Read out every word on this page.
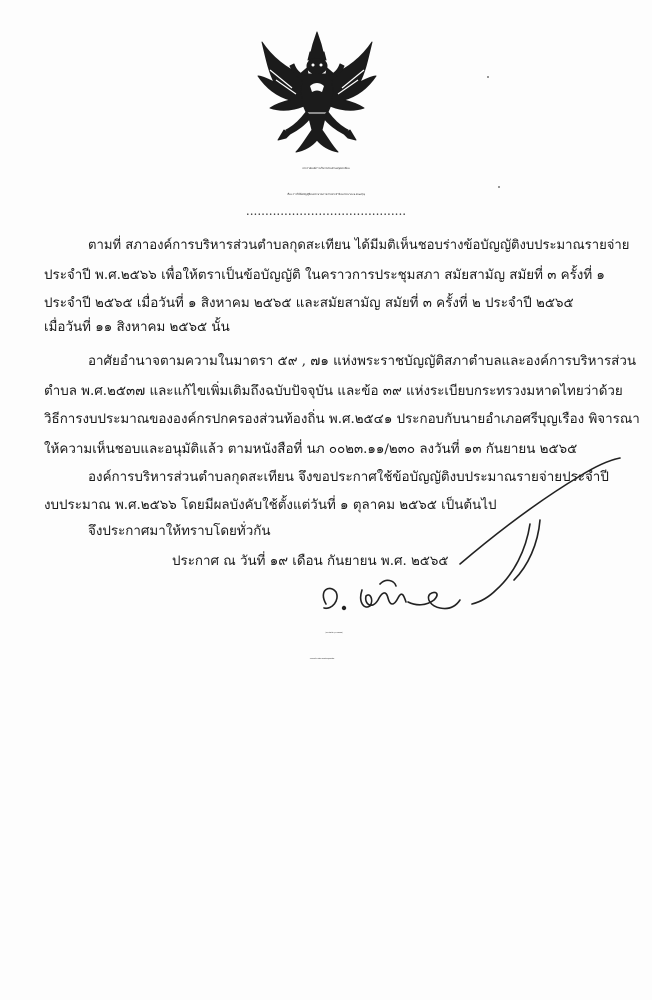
ประกาศองค์การบริหารส่วนตำบลกุดสะเทียน
เรื่อง การใช้ข้อบัญญัติงบประมาณรายจ่ายประจำปีงบประมาณ พ.ศ.๒๕๖๖
..........................................
ตามที่ สภาองค์การบริหารส่วนตำบลกุดสะเทียน ได้มีมติเห็นชอบร่างข้อบัญญัติงบประมาณรายจ่าย
ประจำปี พ.ศ.๒๕๖๖ เพื่อให้ตราเป็นข้อบัญญัติ ในคราวการประชุมสภา สมัยสามัญ สมัยที่ ๓ ครั้งที่ ๑
ประจำปี ๒๕๖๕ เมื่อวันที่ ๑ สิงหาคม ๒๕๖๕ และสมัยสามัญ สมัยที่ ๓ ครั้งที่ ๒ ประจำปี ๒๕๖๕
เมื่อวันที่ ๑๑ สิงหาคม ๒๕๖๕ นั้น
อาศัยอำนาจตามความในมาตรา ๕๙ , ๗๑ แห่งพระราชบัญญัติสภาตำบลและองค์การบริหารส่วน
ตำบล พ.ศ.๒๕๓๗ และแก้ไขเพิ่มเติมถึงฉบับปัจจุบัน และข้อ ๓๙ แห่งระเบียบกระทรวงมหาดไทยว่าด้วย
วิธีการงบประมาณขององค์กรปกครองส่วนท้องถิ่น พ.ศ.๒๕๔๑ ประกอบกับนายอำเภอศรีบุญเรือง พิจารณา
ให้ความเห็นชอบและอนุมัติแล้ว ตามหนังสือที่ นภ ๐๐๒๓.๑๑/๒๓๐ ลงวันที่ ๑๓ กันยายน ๒๕๖๕
องค์การบริหารส่วนตำบลกุดสะเทียน จึงขอประกาศใช้ข้อบัญญัติงบประมาณรายจ่ายประจำปี
งบประมาณ พ.ศ.๒๕๖๖ โดยมีผลบังคับใช้ตั้งแต่วันที่ ๑ ตุลาคม ๒๕๖๕ เป็นต้นไป
จึงประกาศมาให้ทราบโดยทั่วกัน
ประกาศ ณ วันที่ ๑๙ เดือน กันยายน พ.ศ. ๒๕๖๕
(นางวรินทร์ธร สุวรรณพรหม)
นายกองค์การบริหารส่วนตำบลกุดสะเทียน
